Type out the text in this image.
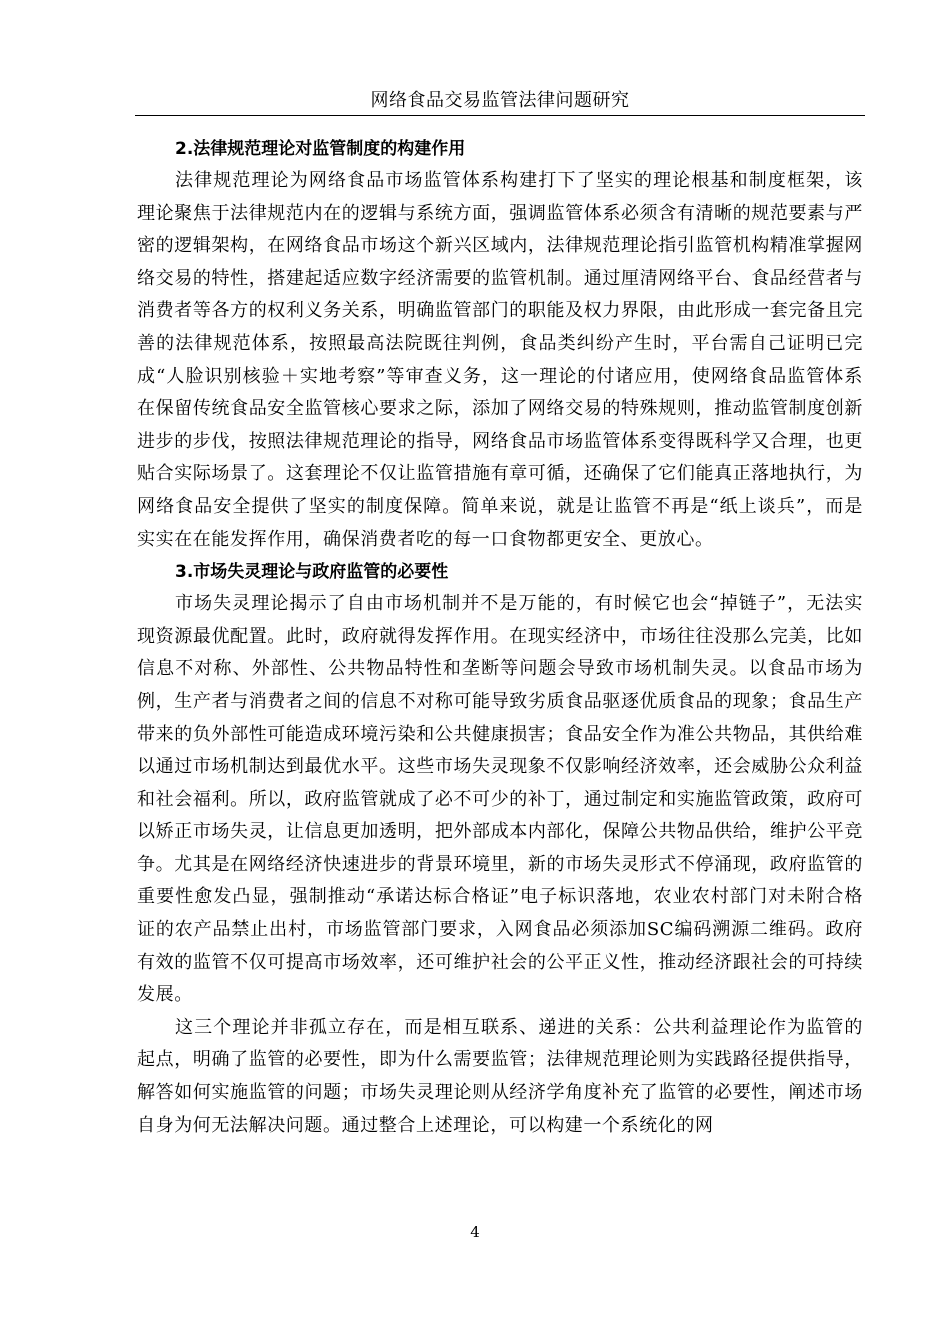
网络食品交易监管法律问题研究
2.法律规范理论对监管制度的构建作用

法律规范理论为网络食品市场监管体系构建打下了坚实的理论根基和制度框架，该理论聚焦于法律规范内在的逻辑与系统方面，强调监管体系必须含有清晰的规范要素与严密的逻辑架构，在网络食品市场这个新兴区域内，法律规范理论指引监管机构精准掌握网络交易的特性，搭建起适应数字经济需要的监管机制。通过厘清网络平台、食品经营者与消费者等各方的权利义务关系，明确监管部门的职能及权力界限，由此形成一套完备且完善的法律规范体系，按照最高法院既往判例，食品类纠纷产生时，平台需自己证明已完成“人脸识别核验＋实地考察”等审查义务，这一理论的付诸应用，使网络食品监管体系在保留传统食品安全监管核心要求之际，添加了网络交易的特殊规则，推动监管制度创新进步的步伐，按照法律规范理论的指导，网络食品市场监管体系变得既科学又合理，也更贴合实际场景了。这套理论不仅让监管措施有章可循，还确保了它们能真正落地执行，为网络食品安全提供了坚实的制度保障。简单来说，就是让监管不再是“纸上谈兵”，而是实实在在能发挥作用，确保消费者吃的每一口食物都更安全、更放心。

3.市场失灵理论与政府监管的必要性

市场失灵理论揭示了自由市场机制并不是万能的，有时候它也会“掉链子”，无法实现资源最优配置。此时，政府就得发挥作用。在现实经济中，市场往往没那么完美，比如信息不对称、外部性、公共物品特性和垄断等问题会导致市场机制失灵。以食品市场为例，生产者与消费者之间的信息不对称可能导致劣质食品驱逐优质食品的现象；食品生产带来的负外部性可能造成环境污染和公共健康损害；食品安全作为准公共物品，其供给难以通过市场机制达到最优水平。这些市场失灵现象不仅影响经济效率，还会威胁公众利益和社会福利。所以，政府监管就成了必不可少的补丁，通过制定和实施监管政策，政府可以矫正市场失灵，让信息更加透明，把外部成本内部化，保障公共物品供给，维护公平竞争。尤其是在网络经济快速进步的背景环境里，新的市场失灵形式不停涌现，政府监管的重要性愈发凸显，强制推动“承诺达标合格证”电子标识落地，农业农村部门对未附合格证的农产品禁止出村，市场监管部门要求，入网食品必须添加SC编码溯源二维码。政府有效的监管不仅可提高市场效率，还可维护社会的公平正义性，推动经济跟社会的可持续发展。

这三个理论并非孤立存在，而是相互联系、递进的关系：公共利益理论作为监管的起点，明确了监管的必要性，即为什么需要监管；法律规范理论则为实践路径提供指导，解答如何实施监管的问题；市场失灵理论则从经济学角度补充了监管的必要性，阐述市场自身为何无法解决问题。通过整合上述理论，可以构建一个系统化的网

4
